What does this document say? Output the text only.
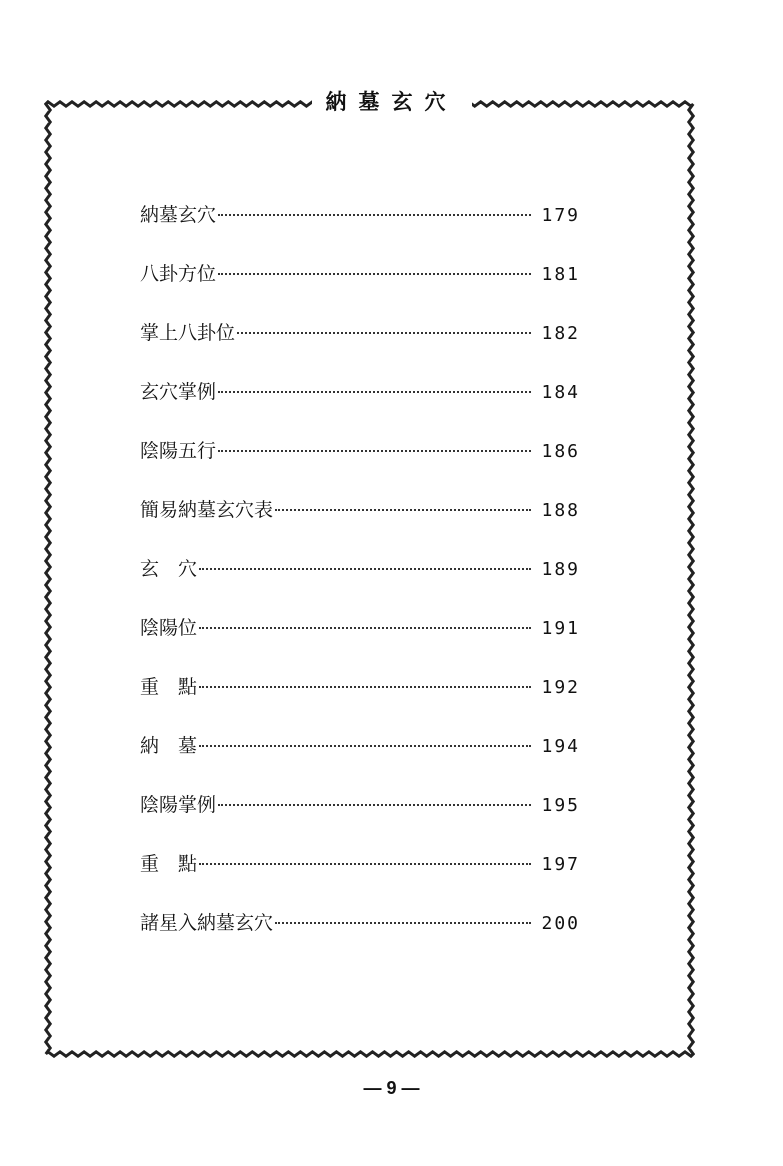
納墓玄穴
納墓玄穴	179
八卦方位	181
掌上八卦位	182
玄穴掌例	184
陰陽五行	186
簡易納墓玄穴表	188
玄　穴	189
陰陽位	191
重　點	192
納　墓	194
陰陽掌例	195
重　點	197
諸星入納墓玄穴	200
— 9 —
